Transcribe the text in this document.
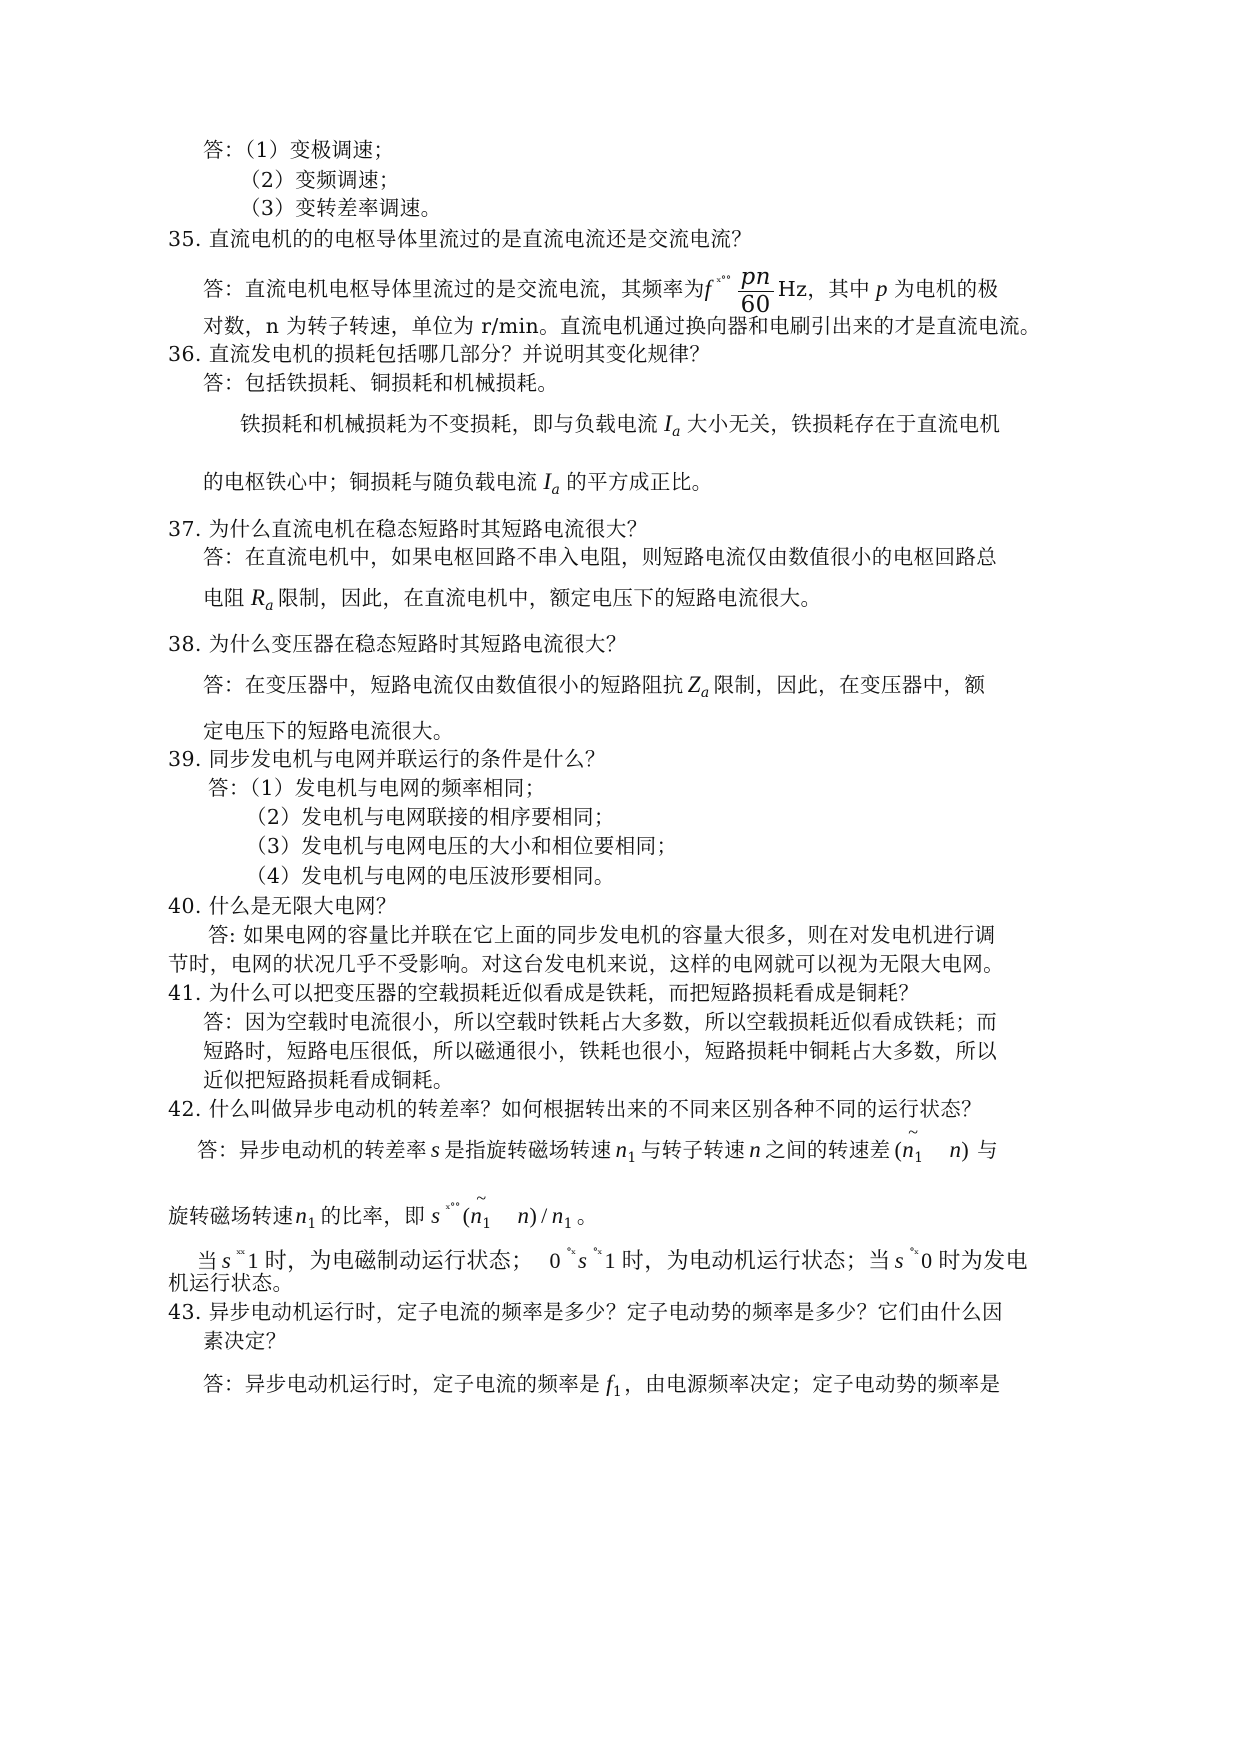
答：（1）变极调速；
（2）变频调速；
（3）变转差率调速。
35. 直流电机的的电枢导体里流过的是直流电流还是交流电流？
答：直流电机电枢导体里流过的是交流电流，其频率为f $^{ˣ˚˚} \frac{pn}{60}$ Hz，其中 p 为电机的极
对数，n 为转子转速，单位为 r/min。直流电机通过换向器和电刷引出来的才是直流电流。
36. 直流发电机的损耗包括哪几部分？并说明其变化规律？
答：包括铁损耗、铜损耗和机械损耗。
铁损耗和机械损耗为不变损耗，即与负载电流 $I_a$ 大小无关，铁损耗存在于直流电机
的电枢铁心中；铜损耗与随负载电流 $I_a$ 的平方成正比。
37. 为什么直流电机在稳态短路时其短路电流很大？
答：在直流电机中，如果电枢回路不串入电阻，则短路电流仅由数值很小的电枢回路总
电阻 $R_a$ 限制，因此，在直流电机中，额定电压下的短路电流很大。
38. 为什么变压器在稳态短路时其短路电流很大？
答：在变压器中，短路电流仅由数值很小的短路阻抗 $Z_a$ 限制，因此，在变压器中，额
定电压下的短路电流很大。
39. 同步发电机与电网并联运行的条件是什么？
答：（1）发电机与电网的频率相同；
（2）发电机与电网联接的相序要相同；
（3）发电机与电网电压的大小和相位要相同；
（4）发电机与电网的电压波形要相同。
40. 什么是无限大电网？
答: 如果电网的容量比并联在它上面的同步发电机的容量大很多，则在对发电机进行调
节时，电网的状况几乎不受影响。对这台发电机来说，这样的电网就可以视为无限大电网。
41. 为什么可以把变压器的空载损耗近似看成是铁耗，而把短路损耗看成是铜耗？
答：因为空载时电流很小，所以空载时铁耗占大多数，所以空载损耗近似看成铁耗；而
短路时，短路电压很低，所以磁通很小，铁耗也很小，短路损耗中铜耗占大多数，所以
近似把短路损耗看成铜耗。
42. 什么叫做异步电动机的转差率？如何根据转出来的不同来区别各种不同的运行状态？
答：异步电动机的转差率 s 是指旋转磁场转速 $n_1$ 与转子转速 n 之间的转速差 (n $\sim_1$ n) 与
旋转磁场转速$n_1$ 的比率，即 s $^{ˣ˚˚}$ (n $\sim_1$ $n) / n_1$ 。
当 s $^{ˣˣ}$ 1 时，为电磁制动运行状态； 0 $^{˚ˣ}$ s $^{˚ˣ}$ 1 时，为电动机运行状态；当 s $^{˚ˣ}$ 0 时为发电
机运行状态。
43. 异步电动机运行时，定子电流的频率是多少？定子电动势的频率是多少？它们由什么因
素决定？
答：异步电动机运行时，定子电流的频率是 $f_1$，由电源频率决定；定子电动势的频率是
